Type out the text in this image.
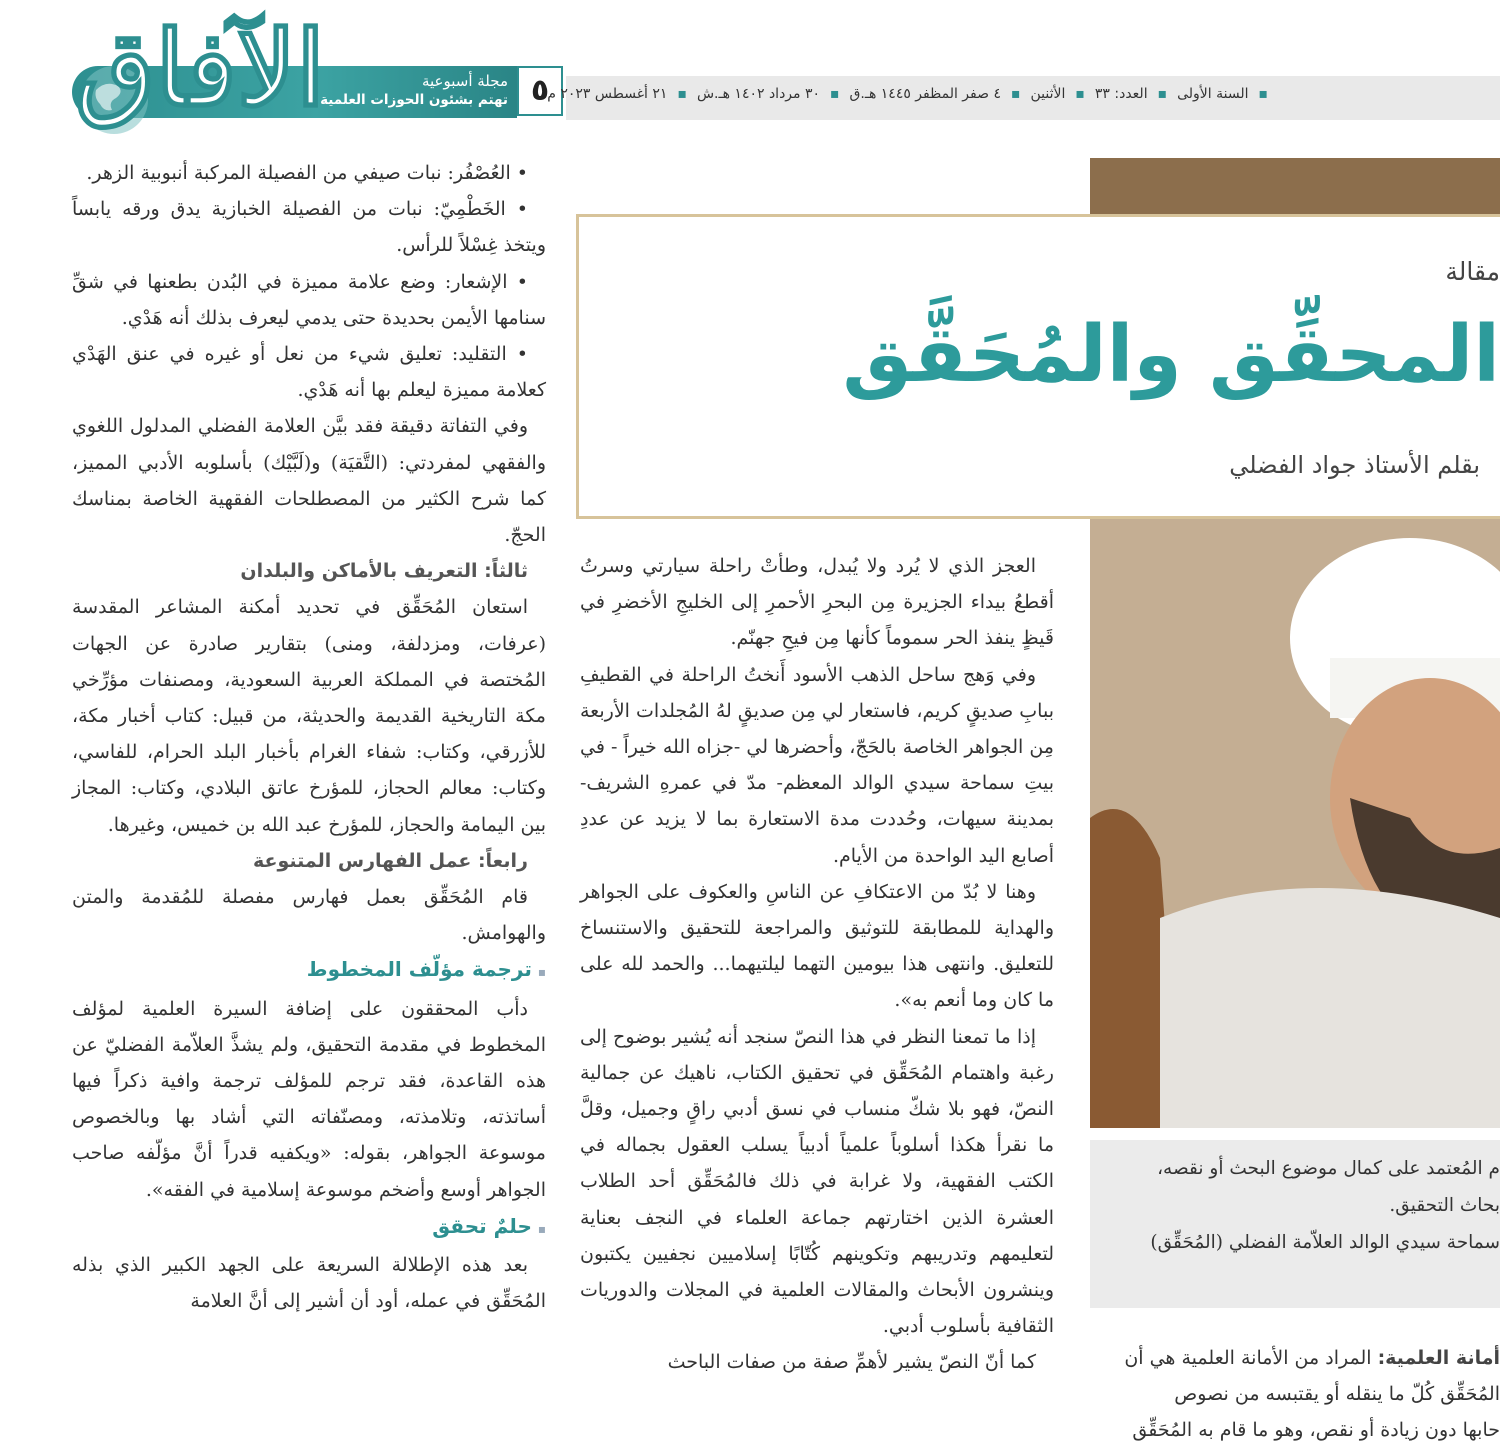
الآفاق	مجلة أسبوعية
تهتم بشئون الحوزات العلمية ٥	▪السنة الأولى▪العدد: ٣٣▪الأثنين▪٤ صفر المظفر ١٤٤٥ هـ.ق▪٣٠ مرداد ١٤٠٢ هـ.ش▪٢١ أغسطس ٢٠٢٣ م
مقالة
المحقِّق والمُحَقَّق
بقلم الأستاذ جواد الفضلي

• العُصْفُر: نبات صيفي من الفصيلة المركبة أنبوبية الزهر.

• الخَطْمِيّ: نبات من الفصيلة الخبازية يدق ورقه يابساً ويتخذ غِسْلاً للرأس.

• الإشعار: وضع علامة مميزة في البُدن بطعنها في شقِّ سنامها الأيمن بحديدة حتى يدمي ليعرف بذلك أنه هَدْي.

• التقليد: تعليق شيء من نعل أو غيره في عنق الهَدْي كعلامة مميزة ليعلم بها أنه هَدْي.

وفي التفاتة دقيقة فقد بيَّن العلامة الفضلي المدلول اللغوي والفقهي لمفردتي: (التَّقيَة) و(لَبَّيْك) بأسلوبه الأدبي المميز، كما شرح الكثير من المصطلحات الفقهية الخاصة بمناسك الحجّ.

ثالثاً: التعريف بالأماكن والبلدان

استعان المُحَقِّق في تحديد أمكنة المشاعر المقدسة (عرفات، ومزدلفة، ومنى) بتقارير صادرة عن الجهات المُختصة في المملكة العربية السعودية، ومصنفات مؤرِّخي مكة التاريخية القديمة والحديثة، من قبيل: كتاب أخبار مكة، للأزرقي، وكتاب: شفاء الغرام بأخبار البلد الحرام، للفاسي، وكتاب: معالم الحجاز، للمؤرخ عاتق البلادي، وكتاب: المجاز بين اليمامة والحجاز، للمؤرخ عبد الله بن خميس، وغيرها.

رابعاً: عمل الفهارس المتنوعة

قام المُحَقِّق بعمل فهارس مفصلة للمُقدمة والمتن والهوامش.

▪ ترجمة مؤلّف المخطوط

دأب المحققون على إضافة السيرة العلمية لمؤلف المخطوط في مقدمة التحقيق، ولم يشذَّ العلاّمة الفضليّ عن هذه القاعدة، فقد ترجم للمؤلف ترجمة وافية ذكراً فيها أساتذته، وتلامذته، ومصنّفاته التي أشاد بها وبالخصوص موسوعة الجواهر، بقوله: «ويكفيه قدراً أنَّ مؤلّفه صاحب الجواهر أوسع وأضخم موسوعة إسلامية في الفقه».

▪ حلمٌ تحقق

بعد هذه الإطلالة السريعة على الجهد الكبير الذي بذله المُحَقِّق في عمله، أود أن أشير إلى أنَّ العلامة

العجز الذي لا يُرد ولا يُبدل، وطأتْ راحلة سيارتي وسرتُ أقطعُ بيداء الجزيرة مِن البحرِ الأحمرِ إلى الخليجِ الأخضرِ في قَيظٍ ينفذ الحر سموماً كأنها مِن فيحِ جهنّم.

وفي وَهج ساحل الذهب الأسود أَنختُ الراحلة في القطيفِ ببابِ صديقٍ كريم، فاستعار لي مِن صديقٍ لهُ المُجلدات الأربعة مِن الجواهر الخاصة بالحَجّ، وأحضرها لي -جزاه الله خيراً - في بيتِ سماحة سيدي الوالد المعظم- مدّ في عمرهِ الشريف- بمدينة سيهات، وحُددت مدة الاستعارة بما لا يزيد عن عددِ أصابع اليد الواحدة من الأيام.

وهنا لا بُدّ من الاعتكافِ عن الناسِ والعكوف على الجواهر والهداية للمطابقة للتوثيق والمراجعة للتحقيق والاستنساخ للتعليق. وانتهى هذا بيومين التهما ليلتيهما... والحمد لله على ما كان وما أنعم به».

إذا ما تمعنا النظر في هذا النصّ سنجد أنه يُشير بوضوح إلى رغبة واهتمام المُحَقِّق في تحقيق الكتاب، ناهيك عن جمالية النصّ، فهو بلا شكّ منساب في نسق أدبي راقٍ وجميل، وقلَّ ما نقرأ هكذا أسلوباً علمياً أدبياً يسلب العقول بجماله في الكتب الفقهية، ولا غرابة في ذلك فالمُحَقِّق أحد الطلاب العشرة الذين اختارتهم جماعة العلماء في النجف بعناية لتعليمهم وتدريبهم وتكوينهم كُتّابًا إسلاميين نجفيين يكتبون وينشرون الأبحاث والمقالات العلمية في المجلات والدوريات الثقافية بأسلوب أدبي.

كما أنّ النصّ يشير لأهمِّ صفة من صفات الباحث

م المُعتمد على كمال موضوع البحث أو نقصه،
بحاث التحقيق.
سماحة سيدي الوالد العلاّمة الفضلي (المُحَقِّق)
أمانة العلمية: المراد من الأمانة العلمية هي أن
المُحَقِّق كُلّ ما ينقله أو يقتبسه من نصوص
حابها دون زيادة أو نقص، وهو ما قام به المُحَقِّق
